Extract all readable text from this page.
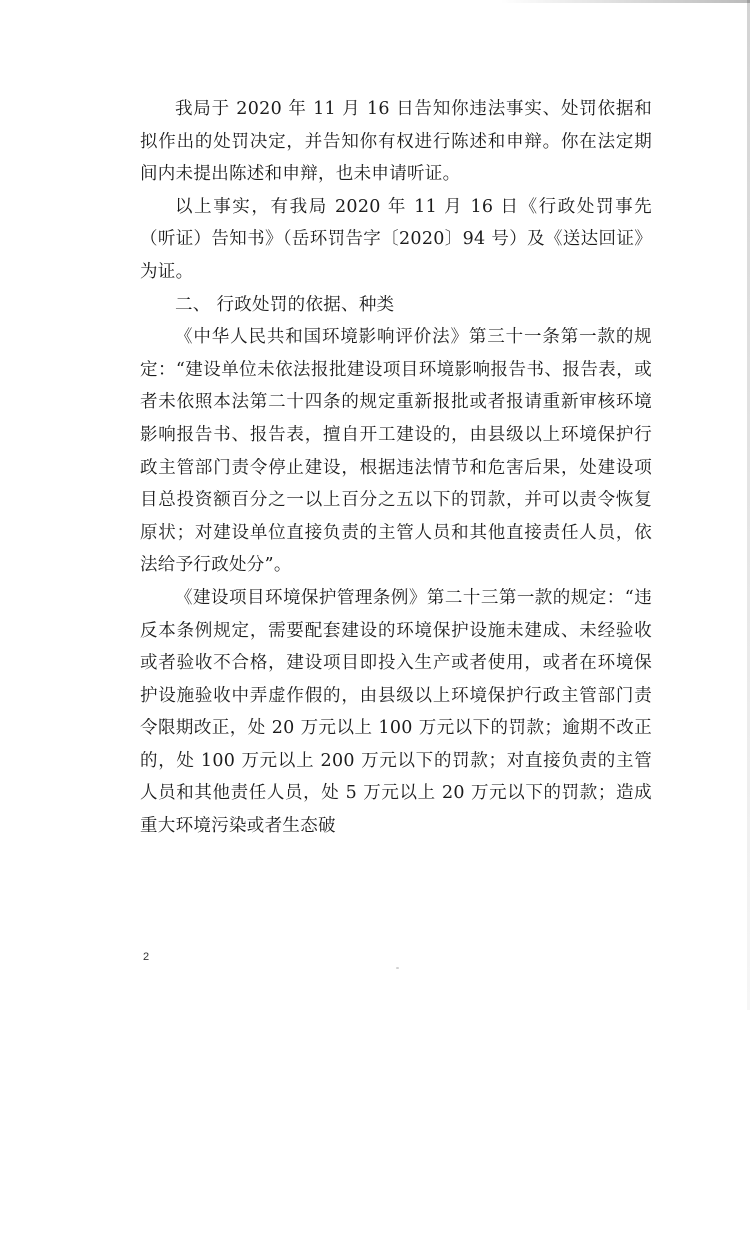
我局于 2020 年 11 月 16 日告知你违法事实、处罚依据和拟作出的处罚决定，并告知你有权进行陈述和申辩。你在法定期间内未提出陈述和申辩，也未申请听证。

以上事实，有我局 2020 年 11 月 16 日《行政处罚事先（听证）告知书》（岳环罚告字〔2020〕94 号）及《送达回证》为证。

二、 行政处罚的依据、种类

《中华人民共和国环境影响评价法》第三十一条第一款的规定：“建设单位未依法报批建设项目环境影响报告书、报告表，或者未依照本法第二十四条的规定重新报批或者报请重新审核环境影响报告书、报告表，擅自开工建设的，由县级以上环境保护行政主管部门责令停止建设，根据违法情节和危害后果，处建设项目总投资额百分之一以上百分之五以下的罚款，并可以责令恢复原状；对建设单位直接负责的主管人员和其他直接责任人员，依法给予行政处分”。

《建设项目环境保护管理条例》第二十三第一款的规定：“违反本条例规定，需要配套建设的环境保护设施未建成、未经验收或者验收不合格，建设项目即投入生产或者使用，或者在环境保护设施验收中弄虚作假的，由县级以上环境保护行政主管部门责令限期改正，处 20 万元以上 100 万元以下的罚款；逾期不改正的，处 100 万元以上 200 万元以下的罚款；对直接负责的主管人员和其他责任人员，处 5 万元以上 20 万元以下的罚款；造成重大环境污染或者生态破

2
